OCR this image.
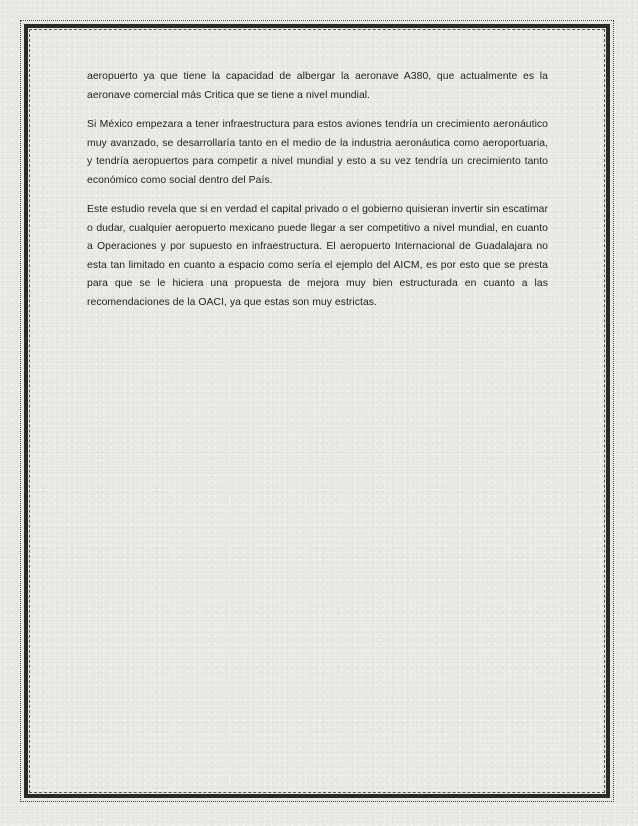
aeropuerto ya que tiene la capacidad de albergar la aeronave A380, que actualmente es la aeronave comercial más Critica que se tiene a nivel mundial.

Si México empezara a tener infraestructura para estos aviones tendría un crecimiento aeronáutico muy avanzado, se desarrollaría tanto en el medio de la industria aeronáutica como aeroportuaria, y tendría aeropuertos para competir a nivel mundial y esto a su vez tendría un crecimiento tanto económico como social dentro del País.

Este estudio revela que si en verdad el capital privado o el gobierno quisieran invertir sin escatimar o dudar, cualquier aeropuerto mexicano puede llegar a ser competitivo a nivel mundial, en cuanto a Operaciones y por supuesto en infraestructura. El aeropuerto Internacional de Guadalajara no esta tan limitado en cuanto a espacio como sería el ejemplo del AICM, es por esto que se presta para que se le hiciera una propuesta de mejora muy bien estructurada en cuanto a las recomendaciones de la OACI, ya que estas son muy estrictas.
